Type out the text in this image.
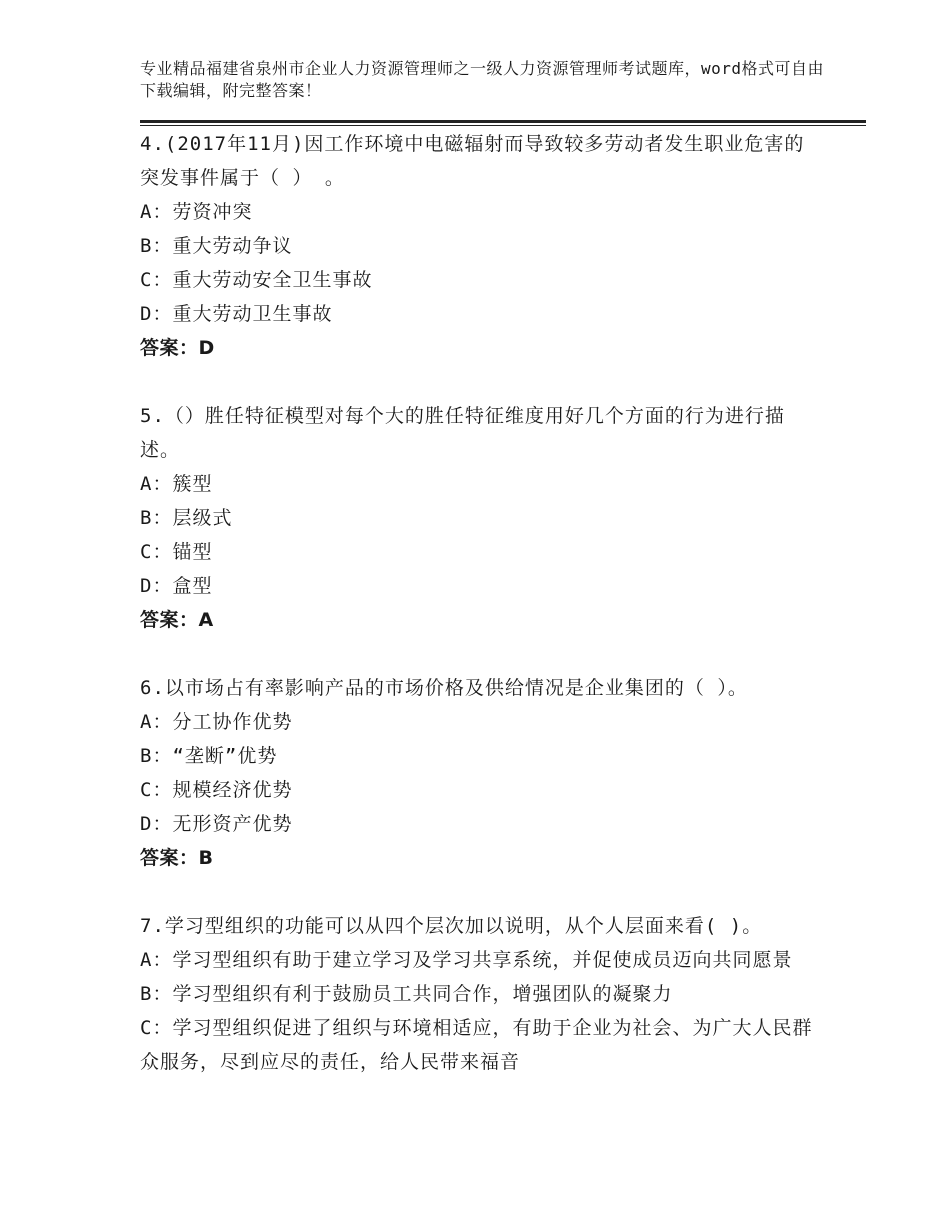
专业精品福建省泉州市企业人力资源管理师之一级人力资源管理师考试题库，word格式可自由下载编辑，附完整答案！

4.(2017年11月)因工作环境中电磁辐射而导致较多劳动者发生职业危害的突发事件属于（ ） 。

A：劳资冲突

B：重大劳动争议

C：重大劳动安全卫生事故

D：重大劳动卫生事故

答案：D

5.（）胜任特征模型对每个大的胜任特征维度用好几个方面的行为进行描述。

A：簇型

B：层级式

C：锚型

D：盒型

答案：A

6.以市场占有率影响产品的市场价格及供给情况是企业集团的（ ）。

A：分工协作优势

B：“垄断”优势

C：规模经济优势

D：无形资产优势

答案：B

7.学习型组织的功能可以从四个层次加以说明，从个人层面来看( )。

A：学习型组织有助于建立学习及学习共享系统，并促使成员迈向共同愿景

B：学习型组织有利于鼓励员工共同合作，增强团队的凝聚力

C：学习型组织促进了组织与环境相适应，有助于企业为社会、为广大人民群众服务，尽到应尽的责任，给人民带来福音
